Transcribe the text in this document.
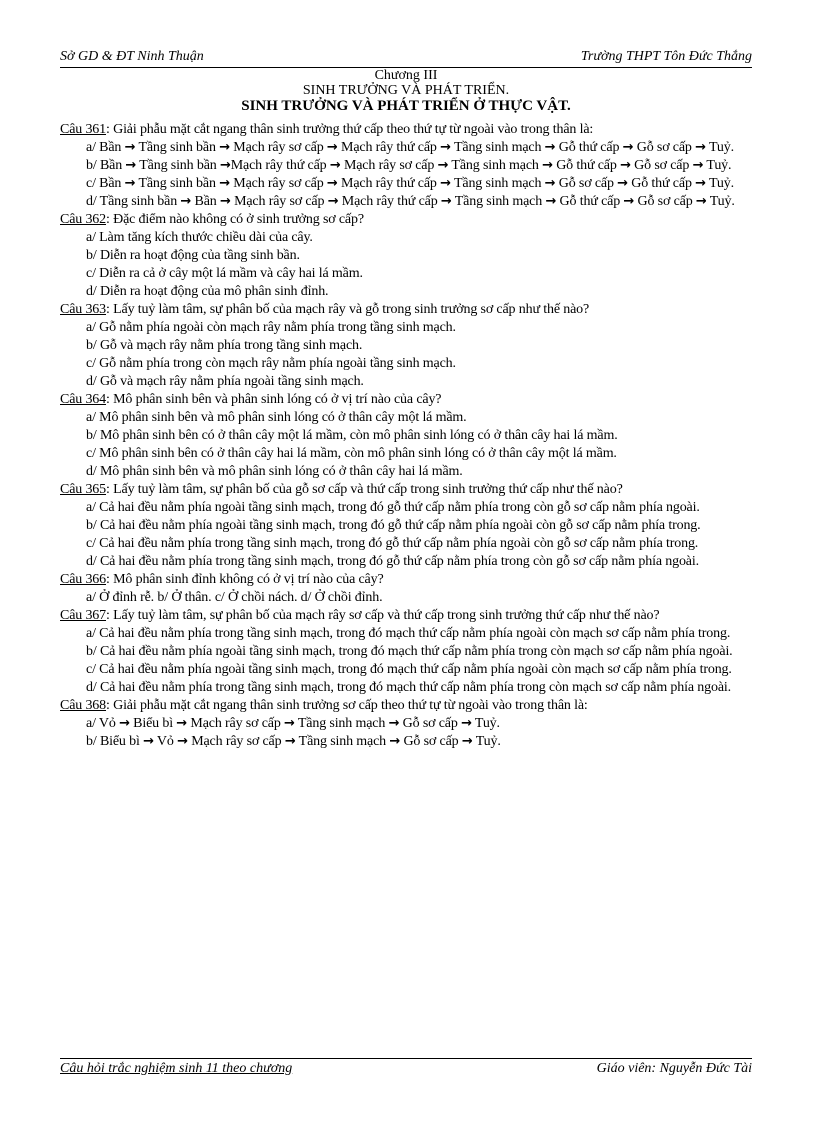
Sở GD & ĐT Ninh Thuận	Trường THPT Tôn Đức Thắng
Chương III
SINH TRƯỞNG VÀ PHÁT TRIỂN.
SINH TRƯỞNG VÀ PHÁT TRIỂN Ở THỰC VẬT.
Câu 361: Giải phẫu mặt cắt ngang thân sinh trưởng thứ cấp theo thứ tự từ ngoài vào trong thân là:
a/ Bần → Tầng sinh bần → Mạch rây sơ cấp → Mạch rây thứ cấp → Tầng sinh mạch → Gỗ thứ cấp → Gỗ sơ cấp → Tuỷ.
b/ Bần → Tầng sinh bần →Mạch rây thứ cấp → Mạch rây sơ cấp → Tầng sinh mạch → Gỗ thứ cấp → Gỗ sơ cấp → Tuỷ.
c/ Bần → Tầng sinh bần → Mạch rây sơ cấp → Mạch rây thứ cấp → Tầng sinh mạch → Gỗ sơ cấp → Gỗ thứ cấp → Tuỷ.
d/ Tầng sinh bần → Bần → Mạch rây sơ cấp → Mạch rây thứ cấp → Tầng sinh mạch → Gỗ thứ cấp → Gỗ sơ cấp → Tuỷ.
Câu 362: Đặc điểm nào không có ở sinh trưởng sơ cấp?
a/ Làm tăng kích thước chiều dài của cây.
b/ Diễn ra hoạt động của tầng sinh bần.
c/ Diễn ra cả ở cây một lá mầm và cây hai lá mầm.
d/ Diễn ra hoạt động của mô phân sinh đỉnh.
Câu 363: Lấy tuỷ làm tâm, sự phân bố của mạch rây và gỗ trong sinh trưởng sơ cấp như thế nào?
a/ Gỗ nằm phía ngoài còn mạch rây nằm phía trong tầng sinh mạch.
b/ Gỗ và mạch rây nằm phía trong tầng sinh mạch.
c/ Gỗ nằm phía trong còn mạch rây nằm phía ngoài tầng sinh mạch.
d/ Gỗ và mạch rây nằm phía ngoài tầng sinh mạch.
Câu 364: Mô phân sinh bên và phân sinh lóng có ở vị trí nào của cây?
a/ Mô phân sinh bên và mô phân sinh lóng có ở thân cây một lá mầm.
b/ Mô phân sinh bên có ở thân cây một lá mầm, còn mô phân sinh lóng có ở thân cây hai lá mầm.
c/ Mô phân sinh bên có ở thân cây hai lá mầm, còn mô phân sinh lóng có ở thân cây một lá mầm.
d/ Mô phân sinh bên và mô phân sinh lóng có ở thân cây hai lá mầm.
Câu 365: Lấy tuỷ làm tâm, sự phân bố của gỗ sơ cấp và thứ cấp trong sinh trưởng thứ cấp như thế nào?
a/ Cả hai đều nằm phía ngoài tầng sinh mạch, trong đó gỗ thứ cấp nằm phía trong còn gỗ sơ cấp nằm phía ngoài.
b/ Cả hai đều nằm phía ngoài tầng sinh mạch, trong đó gỗ thứ cấp nằm phía ngoài còn gỗ sơ cấp nằm phía trong.
c/ Cả hai đều nằm phía trong tầng sinh mạch, trong đó gỗ thứ cấp nằm phía ngoài còn gỗ sơ cấp nằm phía trong.
d/ Cả hai đều nằm phía trong tầng sinh mạch, trong đó gỗ thứ cấp nằm phía trong còn gỗ sơ cấp nằm phía ngoài.
Câu 366: Mô phân sinh đỉnh không có ở vị trí nào của cây?
a/ Ở đỉnh rễ. b/ Ở thân. c/ Ở chồi nách. d/ Ở chồi đỉnh.
Câu 367: Lấy tuỷ làm tâm, sự phân bố của mạch rây sơ cấp và thứ cấp trong sinh trưởng thứ cấp như thế nào?
a/ Cả hai đều nằm phía trong tầng sinh mạch, trong đó mạch thứ cấp nằm phía ngoài còn mạch sơ cấp nằm phía trong.
b/ Cả hai đều nằm phía ngoài tầng sinh mạch, trong đó mạch thứ cấp nằm phía trong còn mạch sơ cấp nằm phía ngoài.
c/ Cả hai đều nằm phía ngoài tầng sinh mạch, trong đó mạch thứ cấp nằm phía ngoài còn mạch sơ cấp nằm phía trong.
d/ Cả hai đều nằm phía trong tầng sinh mạch, trong đó mạch thứ cấp nằm phía trong còn mạch sơ cấp nằm phía ngoài.
Câu 368: Giải phẫu mặt cắt ngang thân sinh trưởng sơ cấp theo thứ tự từ ngoài vào trong thân là:
a/ Vỏ → Biểu bì → Mạch rây sơ cấp → Tầng sinh mạch → Gỗ sơ cấp → Tuỷ.
b/ Biểu bì → Vỏ → Mạch rây sơ cấp → Tầng sinh mạch → Gỗ sơ cấp → Tuỷ.
Câu hỏi trắc nghiệm sinh 11 theo chương	Giáo viên: Nguyễn Đức Tài
